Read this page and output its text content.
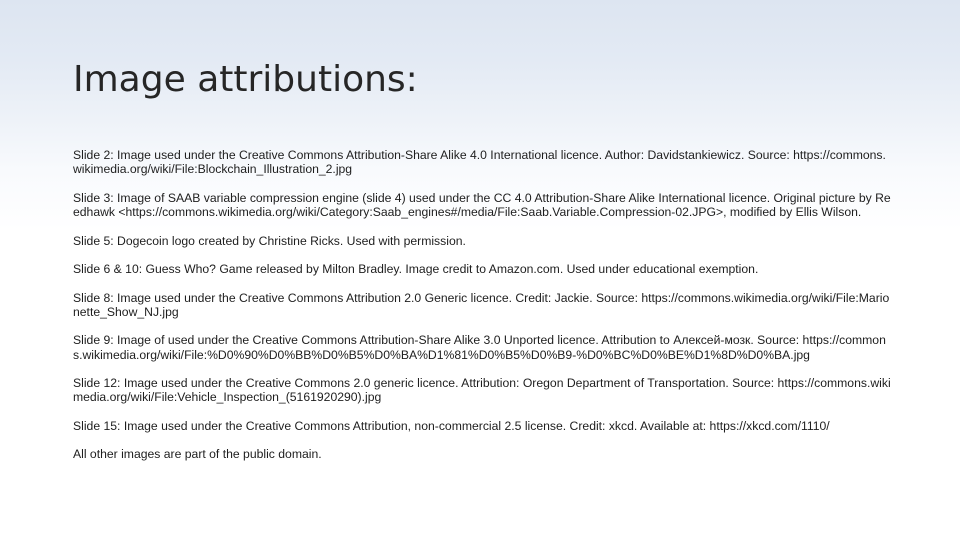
Image attributions:
Slide 2: Image used under the Creative Commons Attribution-Share Alike 4.0 International licence. Author: Davidstankiewicz. Source: https://commons.wikimedia.org/wiki/File:Blockchain_Illustration_2.jpg
Slide 3: Image of SAAB variable compression engine (slide 4) used under the CC 4.0 Attribution-Share Alike International licence. Original picture by Reedhawk <https://commons.wikimedia.org/wiki/Category:Saab_engines#/media/File:Saab.Variable.Compression-02.JPG>, modified by Ellis Wilson.
Slide 5: Dogecoin logo created by Christine Ricks. Used with permission.
Slide 6 & 10: Guess Who? Game released by Milton Bradley. Image credit to Amazon.com. Used under educational exemption.
Slide 8: Image used under the Creative Commons Attribution 2.0 Generic licence. Credit: Jackie. Source: https://commons.wikimedia.org/wiki/File:Marionette_Show_NJ.jpg
Slide 9: Image of used under the Creative Commons Attribution-Share Alike 3.0 Unported licence. Attribution to Алексей-мозк. Source: https://commons.wikimedia.org/wiki/File:%D0%90%D0%BB%D0%B5%D0%BA%D1%81%D0%B5%D0%B9-%D0%BC%D0%BE%D1%8D%D0%BA.jpg
Slide 12: Image used under the Creative Commons 2.0 generic licence. Attribution: Oregon Department of Transportation. Source: https://commons.wikimedia.org/wiki/File:Vehicle_Inspection_(5161920290).jpg
Slide 15: Image used under the Creative Commons Attribution, non-commercial 2.5 license. Credit: xkcd. Available at: https://xkcd.com/1110/
All other images are part of the public domain.
